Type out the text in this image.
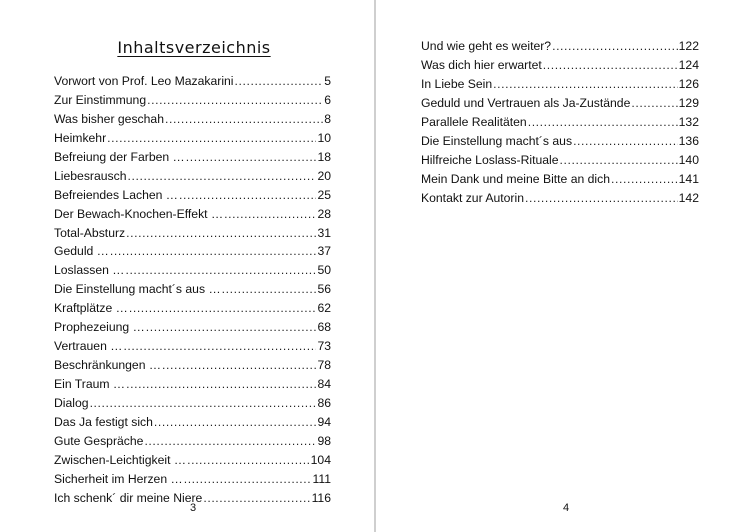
Inhaltsverzeichnis
Vorwort von Prof. Leo Mazakarini .....	5
Zur Einstimmung .....	6
Was bisher geschah .....	8
Heimkehr .....	10
Befreiung der Farben … .....	18
Liebesrausch .....	20
Befreiendes Lachen … .....	25
Der Bewach-Knochen-Effekt … .....	28
Total-Absturz .....	31
Geduld … .....	37
Loslassen … .....	50
Die Einstellung macht´s aus … .....	56
Kraftplätze … .....	62
Prophezeiung … .....	68
Vertrauen … .....	73
Beschränkungen … .....	78
Ein Traum … .....	84
Dialog .....	86
Das Ja festigt sich .....	94
Gute Gespräche .....	98
Zwischen-Leichtigkeit … .....	104
Sicherheit im Herzen … .....	111
Ich schenk´ dir meine Niere .....	116
3
Und wie geht es weiter? .....	122
Was dich hier erwartet .....	124
In Liebe Sein .....	126
Geduld und Vertrauen als Ja-Zustände .....	129
Parallele Realitäten .....	132
Die Einstellung macht´s aus .....	136
Hilfreiche Loslass-Rituale .....	140
Mein Dank und meine Bitte an dich .....	141
Kontakt zur Autorin .....	142
4
